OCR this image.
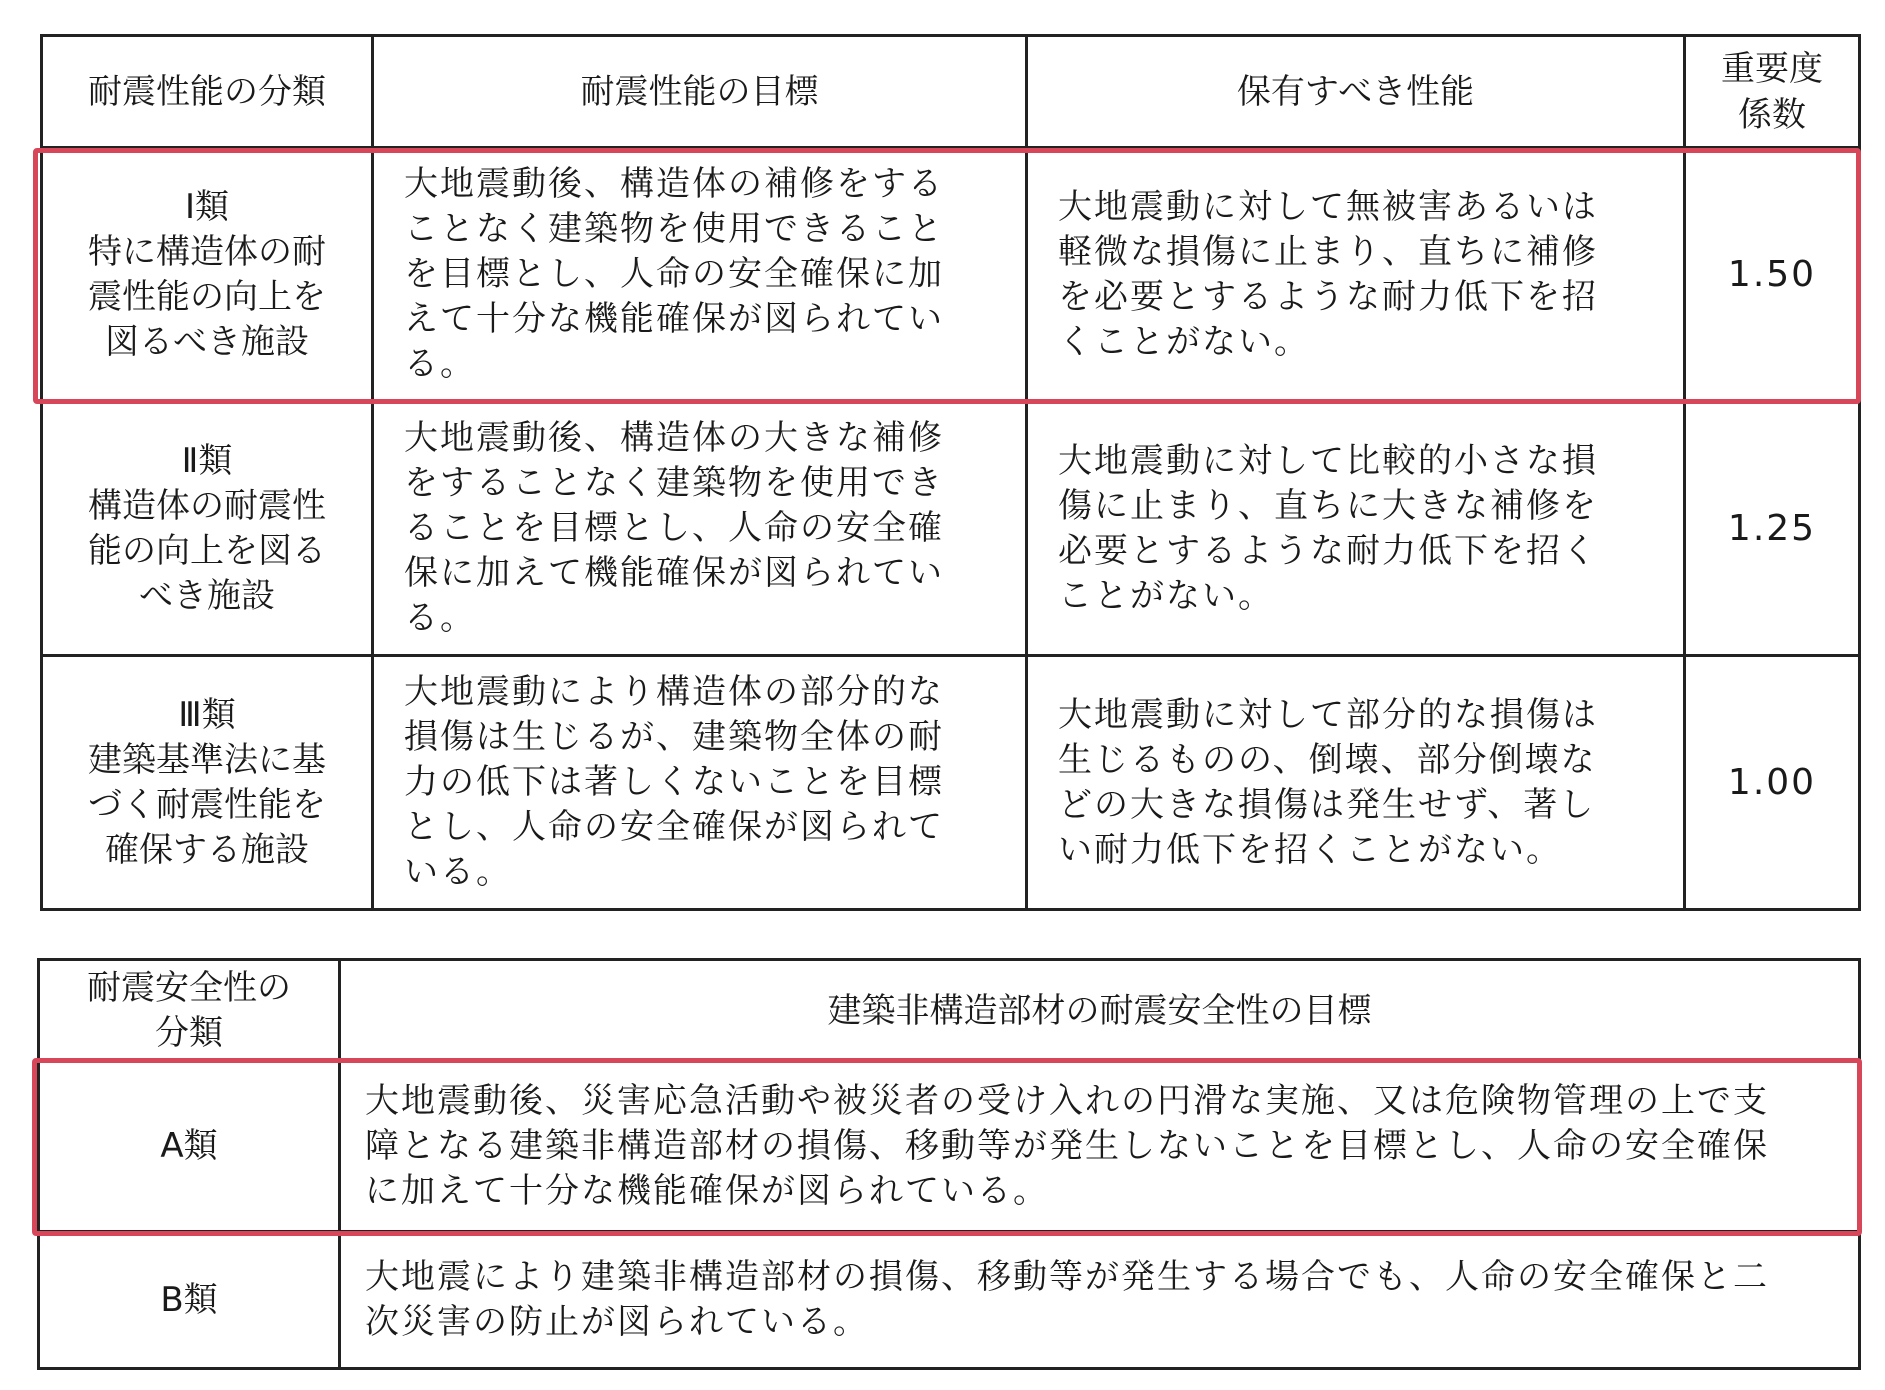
耐震性能の分類	耐震性能の目標	保有すべき性能	重要度
係数

Ⅰ類
特に構造体の耐
震性能の向上を
図るべき施設	大地震動後、構造体の補修をする
ことなく建築物を使用できること
を目標とし、人命の安全確保に加
えて十分な機能確保が図られてい
る。	大地震動に対して無被害あるいは
軽微な損傷に止まり、直ちに補修
を必要とするような耐力低下を招
くことがない。	1.50

Ⅱ類
構造体の耐震性
能の向上を図る
べき施設	大地震動後、構造体の大きな補修
をすることなく建築物を使用でき
ることを目標とし、人命の安全確
保に加えて機能確保が図られてい
る。	大地震動に対して比較的小さな損
傷に止まり、直ちに大きな補修を
必要とするような耐力低下を招く
ことがない。	1.25

Ⅲ類
建築基準法に基
づく耐震性能を
確保する施設	大地震動により構造体の部分的な
損傷は生じるが、建築物全体の耐
力の低下は著しくないことを目標
とし、人命の安全確保が図られて
いる。	大地震動に対して部分的な損傷は
生じるものの、倒壊、部分倒壊な
どの大きな損傷は発生せず、著し
い耐力低下を招くことがない。	1.00
耐震安全性の
分類	建築非構造部材の耐震安全性の目標
A類	大地震動後、災害応急活動や被災者の受け入れの円滑な実施、又は危険物管理の上で支
障となる建築非構造部材の損傷、移動等が発生しないことを目標とし、人命の安全確保
に加えて十分な機能確保が図られている。

B類	大地震により建築非構造部材の損傷、移動等が発生する場合でも、人命の安全確保と二
次災害の防止が図られている。
